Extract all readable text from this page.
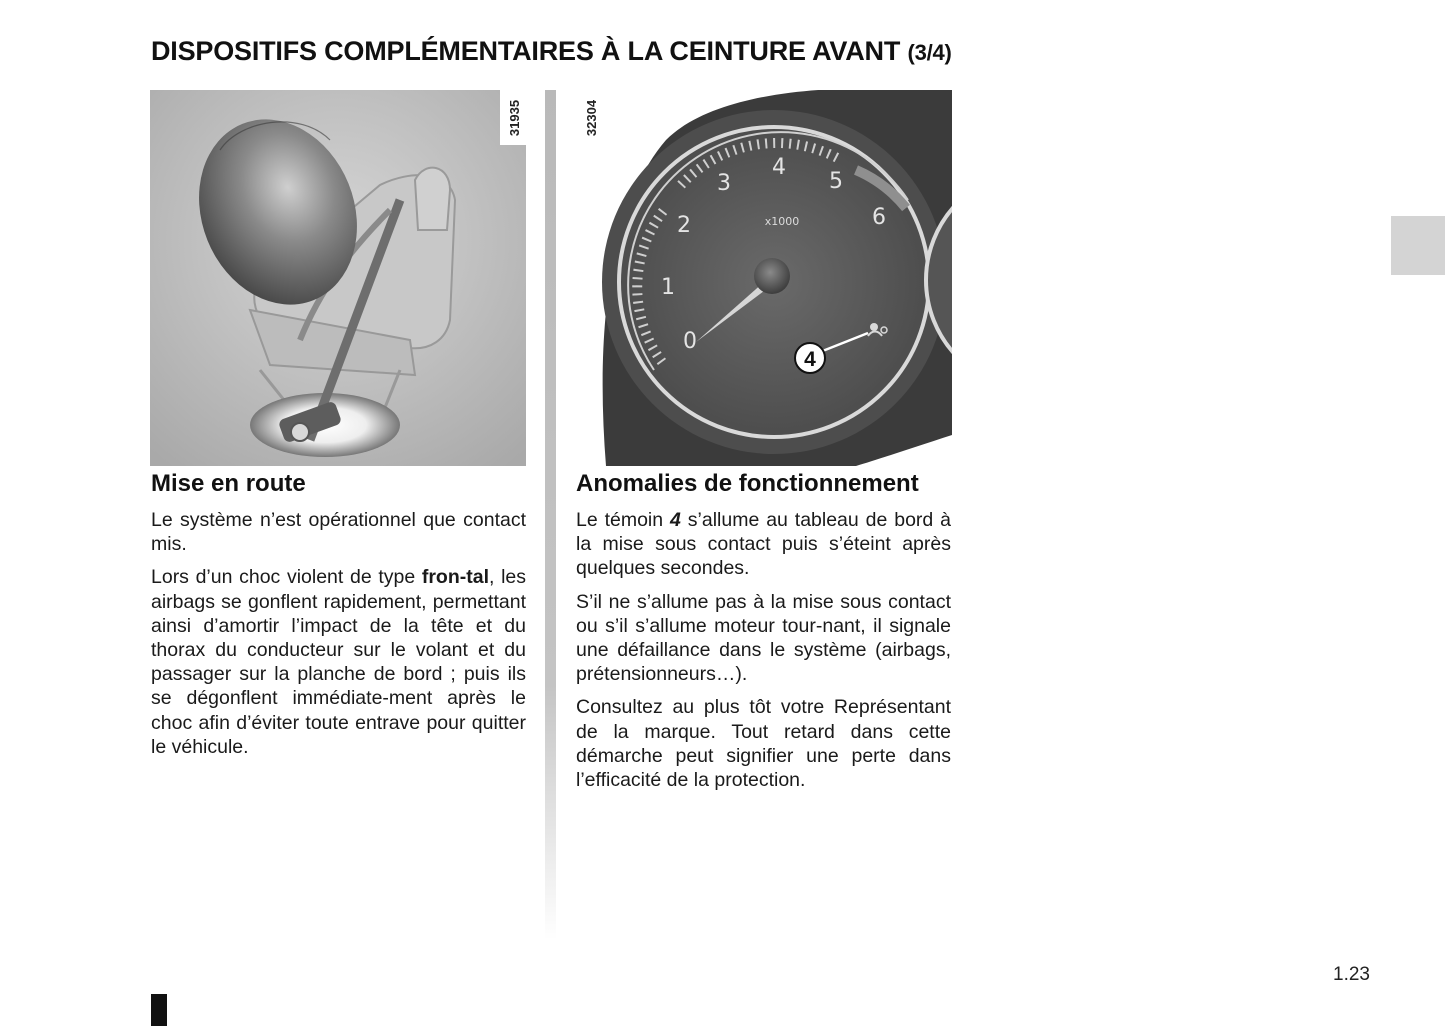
DISPOSITIFS COMPLÉMENTAIRES À LA CEINTURE AVANT (3/4)
31935
0
1
2
3
4
5
6
x1000
4
32304
Mise en route

Le système n’est opérationnel que contact mis.

Lors d’un choc violent de type fron-tal, les airbags se gonflent rapidement, permettant ainsi d’amortir l’impact de la tête et du thorax du conducteur sur le volant et du passager sur la planche de bord ; puis ils se dégonflent immédiate-ment après le choc afin d’éviter toute entrave pour quitter le véhicule.

Anomalies de fonctionnement

Le témoin 4 s’allume au tableau de bord à la mise sous contact puis s’éteint après quelques secondes.

S’il ne s’allume pas à la mise sous contact ou s’il s’allume moteur tour-nant, il signale une défaillance dans le système (airbags, prétensionneurs…).

Consultez au plus tôt votre Représentant de la marque. Tout retard dans cette démarche peut signifier une perte dans l’efficacité de la protection.

1.23
